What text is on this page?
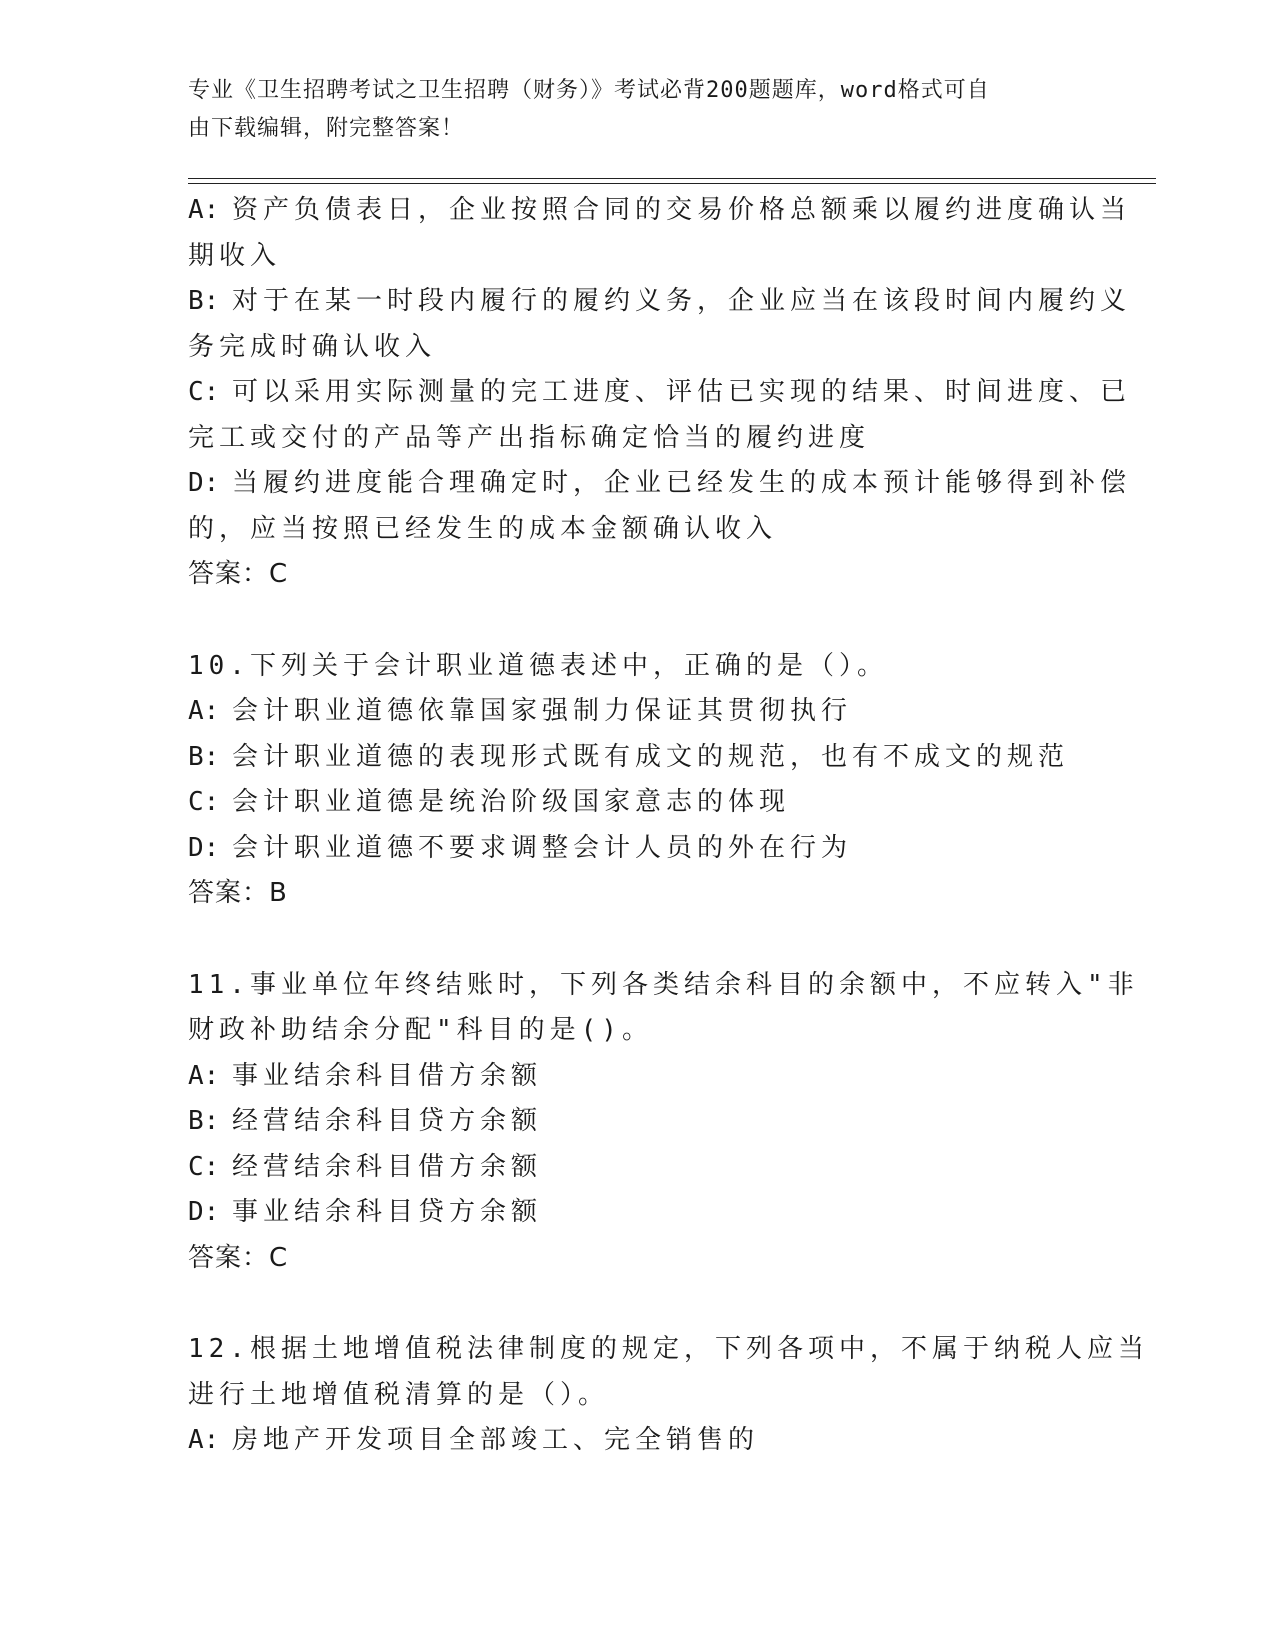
专业《卫生招聘考试之卫生招聘（财务）》考试必背200题题库，word格式可自
由下载编辑，附完整答案！
A: 资产负债表日，企业按照合同的交易价格总额乘以履约进度确认当
期收入
B: 对于在某一时段内履行的履约义务，企业应当在该段时间内履约义
务完成时确认收入
C: 可以采用实际测量的完工进度、评估已实现的结果、时间进度、已
完工或交付的产品等产出指标确定恰当的履约进度
D: 当履约进度能合理确定时，企业已经发生的成本预计能够得到补偿
的，应当按照已经发生的成本金额确认收入
答案：C
10.下列关于会计职业道德表述中，正确的是（）。
A: 会计职业道德依靠国家强制力保证其贯彻执行
B: 会计职业道德的表现形式既有成文的规范，也有不成文的规范
C: 会计职业道德是统治阶级国家意志的体现
D: 会计职业道德不要求调整会计人员的外在行为
答案：B
11.事业单位年终结账时，下列各类结余科目的余额中，不应转入"非
财政补助结余分配"科目的是()。
A: 事业结余科目借方余额
B: 经营结余科目贷方余额
C: 经营结余科目借方余额
D: 事业结余科目贷方余额
答案：C
12.根据土地增值税法律制度的规定，下列各项中，不属于纳税人应当
进行土地增值税清算的是（）。
A: 房地产开发项目全部竣工、完全销售的
